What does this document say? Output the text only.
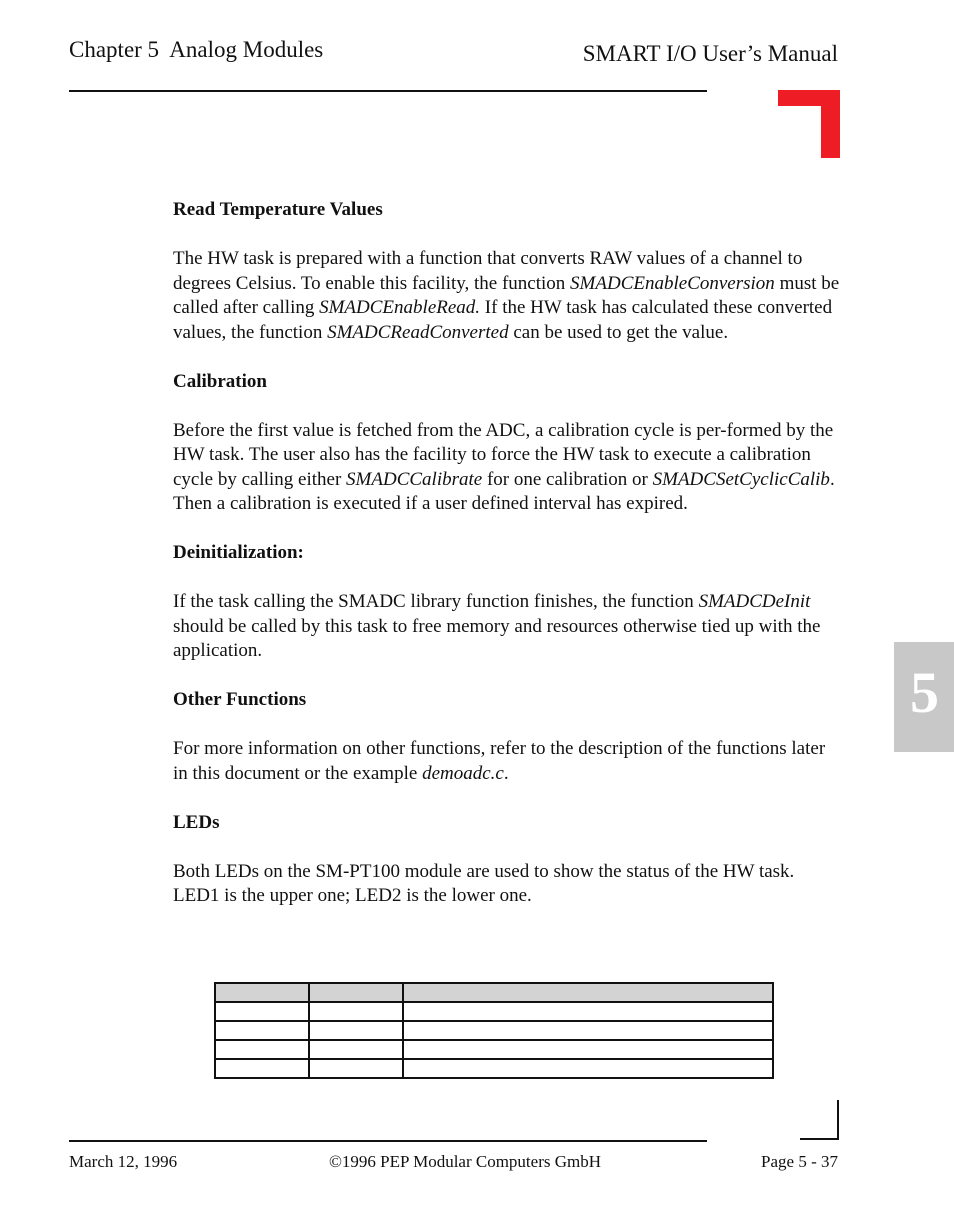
Chapter 5  Analog Modules	SMART I/O User’s Manual
Read Temperature Values

The HW task is prepared with a function that converts RAW values of a channel to degrees Celsius. To enable this facility, the function SMADCEnableConversion must be called after calling SMADCEnableRead. If the HW task has calculated these converted values, the function SMADCReadConverted can be used to get the value.

Calibration

Before the first value is fetched from the ADC, a calibration cycle is per-formed by the HW task. The user also has the facility to force the HW task to execute a calibration cycle by calling either SMADCCalibrate for one calibration or SMADCSetCyclicCalib. Then a calibration is executed if a user defined interval has expired.

Deinitialization:

If the task calling the SMADC library function finishes, the function SMADCDeInit should be called by this task to free memory and resources otherwise tied up with the application.

Other Functions

For more information on other functions, refer to the description of the functions later in this document or the example demoadc.c.

LEDs

Both LEDs on the SM-PT100 module are used to show the status of the HW task. LED1 is the upper one; LED2 is the lower one.

5

March 12, 1996	©1996 PEP Modular Computers GmbH	Page 5 - 37
